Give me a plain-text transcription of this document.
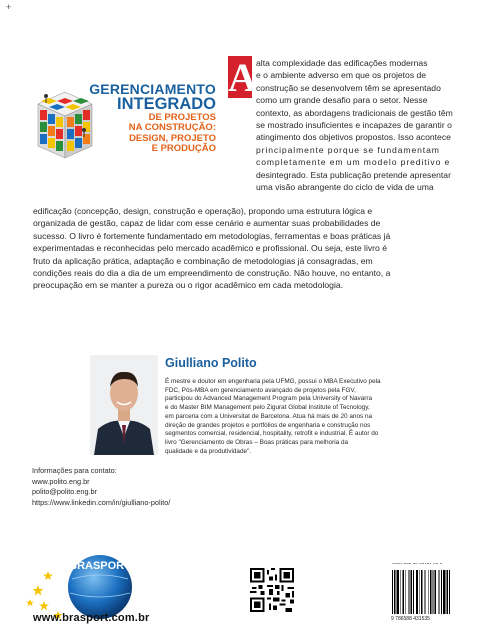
+
GERENCIAMENTO
INTEGRADO
DE PROJETOS
NA CONSTRUÇÃO:
DESIGN, PROJETO
E PRODUÇÃO
A alta complexidade das edificações modernas
e o ambiente adverso em que os projetos de
construção se desenvolvem têm se apresentado
como um grande desafio para o setor. Nesse
contexto, as abordagens tradicionais de gestão têm
se mostrado insuficientes e incapazes de garantir o
atingimento dos objetivos propostos. Isso acontece
principalmente porque se fundamentam
completamente em um modelo preditivo e
desintegrado. Esta publicação pretende apresentar
uma visão abrangente do ciclo de vida de uma
edificação (concepção, design, construção e operação), propondo uma estrutura lógica e
organizada de gestão, capaz de lidar com esse cenário e aumentar suas probabilidades de
sucesso. O livro é fortemente fundamentado em metodologias, ferramentas e boas práticas já
experimentadas e reconhecidas pelo mercado acadêmico e profissional. Ou seja, este livro é
fruto da aplicação prática, adaptação e combinação de metodologias já consagradas, em
condições reais do dia a dia de um empreendimento de construção. Não houve, no entanto, a
preocupação em se manter a pureza ou o rigor acadêmico em cada metodologia.
Giulliano Polito
É mestre e doutor em engenharia pela UFMG, possui o MBA Executivo pela
FDC, Pós-MBA em gerenciamento avançado de projetos pela FGV,
participou do Advanced Management Program pela University of Navarra
e do Master BIM Management pelo Zigurat Global Institute of Tecnology,
em parceria com a Universitat de Barcelona. Atua há mais de 20 anos na
direção de grandes projetos e portfólios de engenharia e construção nos
segmentos comercial, residencial, hospitality, retrofit e industrial. É autor do
livro "Gerenciamento de Obras – Boas práticas para melhoria da
qualidade e da produtividade".
Informações para contato:
www.polito.eng.br
polito@polito.eng.br
https://www.linkedin.com/in/giulliano-polito/
BRASPORT
www.brasport.com.br	9 786588 431535
